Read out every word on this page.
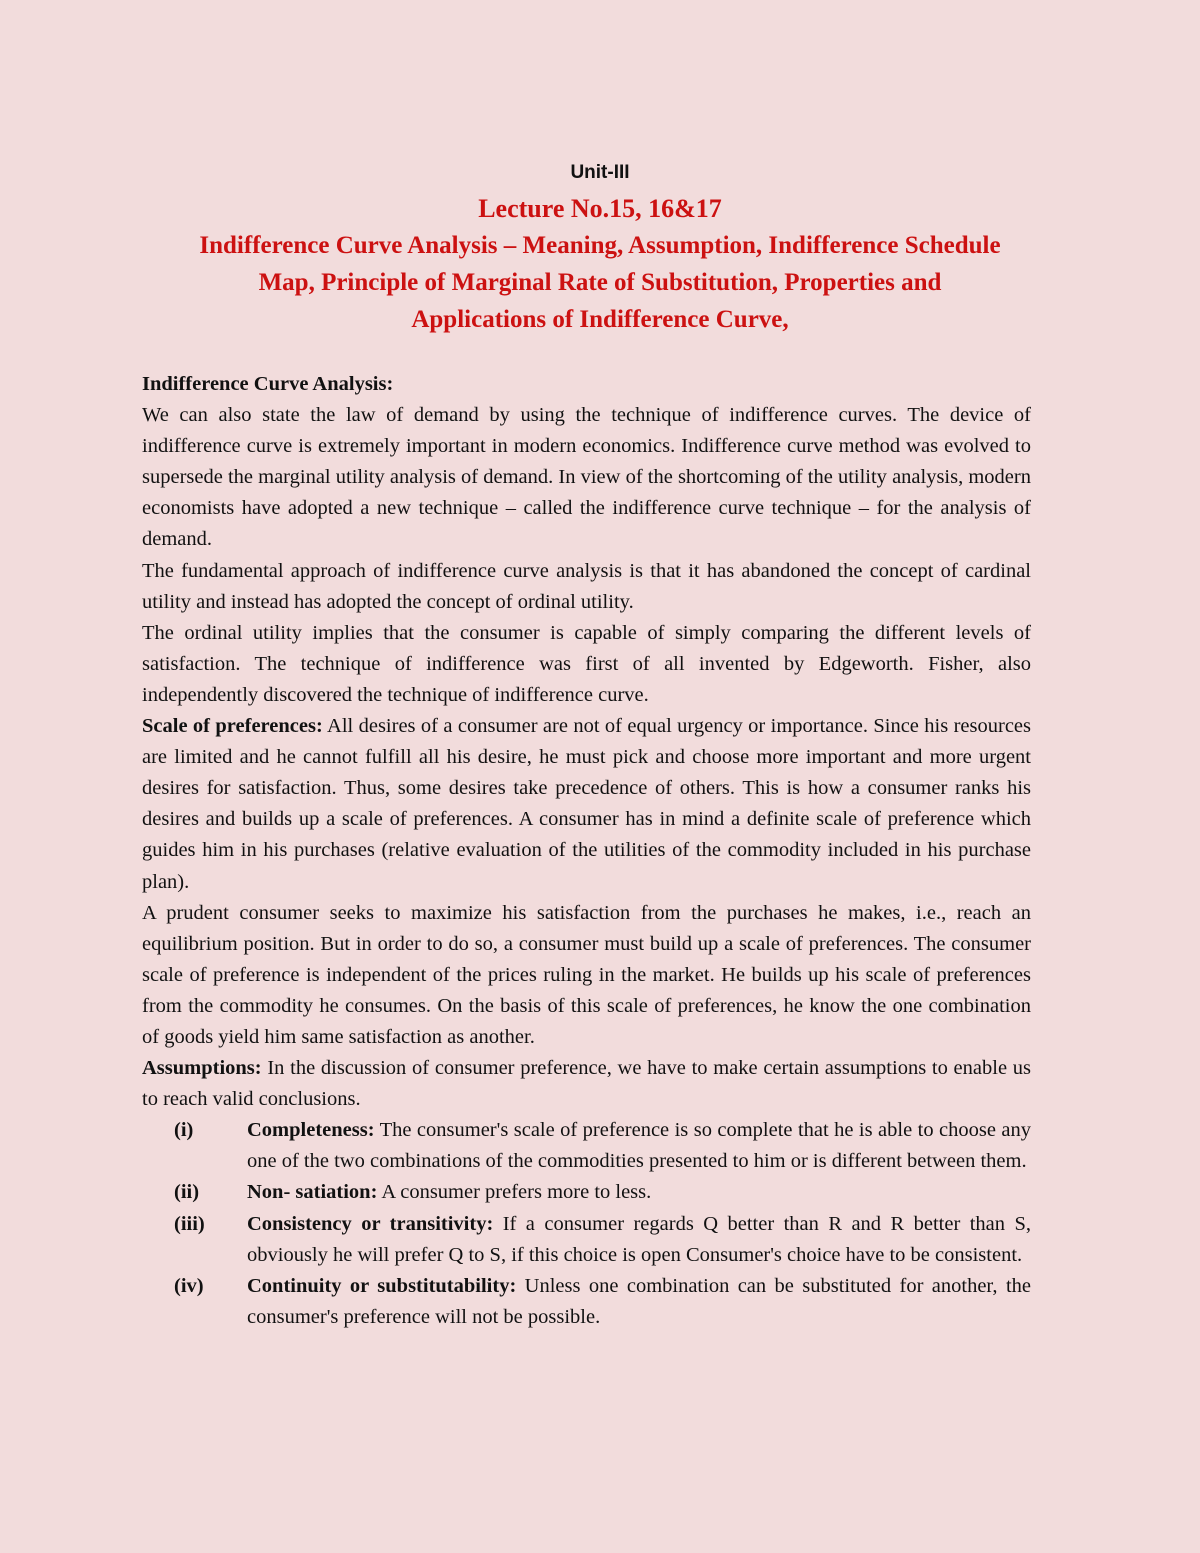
Unit-III
Lecture No.15, 16&17
Indifference Curve Analysis – Meaning, Assumption, Indifference Schedule
Map, Principle of Marginal Rate of Substitution, Properties and
Applications of Indifference Curve,

Indifference Curve Analysis:

We can also state the law of demand by using the technique of indifference curves. The device of indifference curve is extremely important in modern economics. Indifference curve method was evolved to supersede the marginal utility analysis of demand. In view of the shortcoming of the utility analysis, modern economists have adopted a new technique – called the indifference curve technique – for the analysis of demand.

The fundamental approach of indifference curve analysis is that it has abandoned the concept of cardinal utility and instead has adopted the concept of ordinal utility.

The ordinal utility implies that the consumer is capable of simply comparing the different levels of satisfaction. The technique of indifference was first of all invented by Edgeworth. Fisher, also independently discovered the technique of indifference curve.

Scale of preferences: All desires of a consumer are not of equal urgency or importance. Since his resources are limited and he cannot fulfill all his desire, he must pick and choose more important and more urgent desires for satisfaction. Thus, some desires take precedence of others. This is how a consumer ranks his desires and builds up a scale of preferences. A consumer has in mind a definite scale of preference which guides him in his purchases (relative evaluation of the utilities of the commodity included in his purchase plan).

A prudent consumer seeks to maximize his satisfaction from the purchases he makes, i.e., reach an equilibrium position. But in order to do so, a consumer must build up a scale of preferences. The consumer scale of preference is independent of the prices ruling in the market. He builds up his scale of preferences from the commodity he consumes. On the basis of this scale of preferences, he know the one combination of goods yield him same satisfaction as another.

Assumptions: In the discussion of consumer preference, we have to make certain assumptions to enable us to reach valid conclusions.

(i)	Completeness: The consumer's scale of preference is so complete that he is able to choose any one of the two combinations of the commodities presented to him or is different between them.
(ii)	Non- satiation: A consumer prefers more to less.
(iii)	Consistency or transitivity: If a consumer regards Q better than R and R better than S, obviously he will prefer Q to S, if this choice is open Consumer's choice have to be consistent.
(iv)	Continuity or substitutability: Unless one combination can be substituted for another, the consumer's preference will not be possible.
